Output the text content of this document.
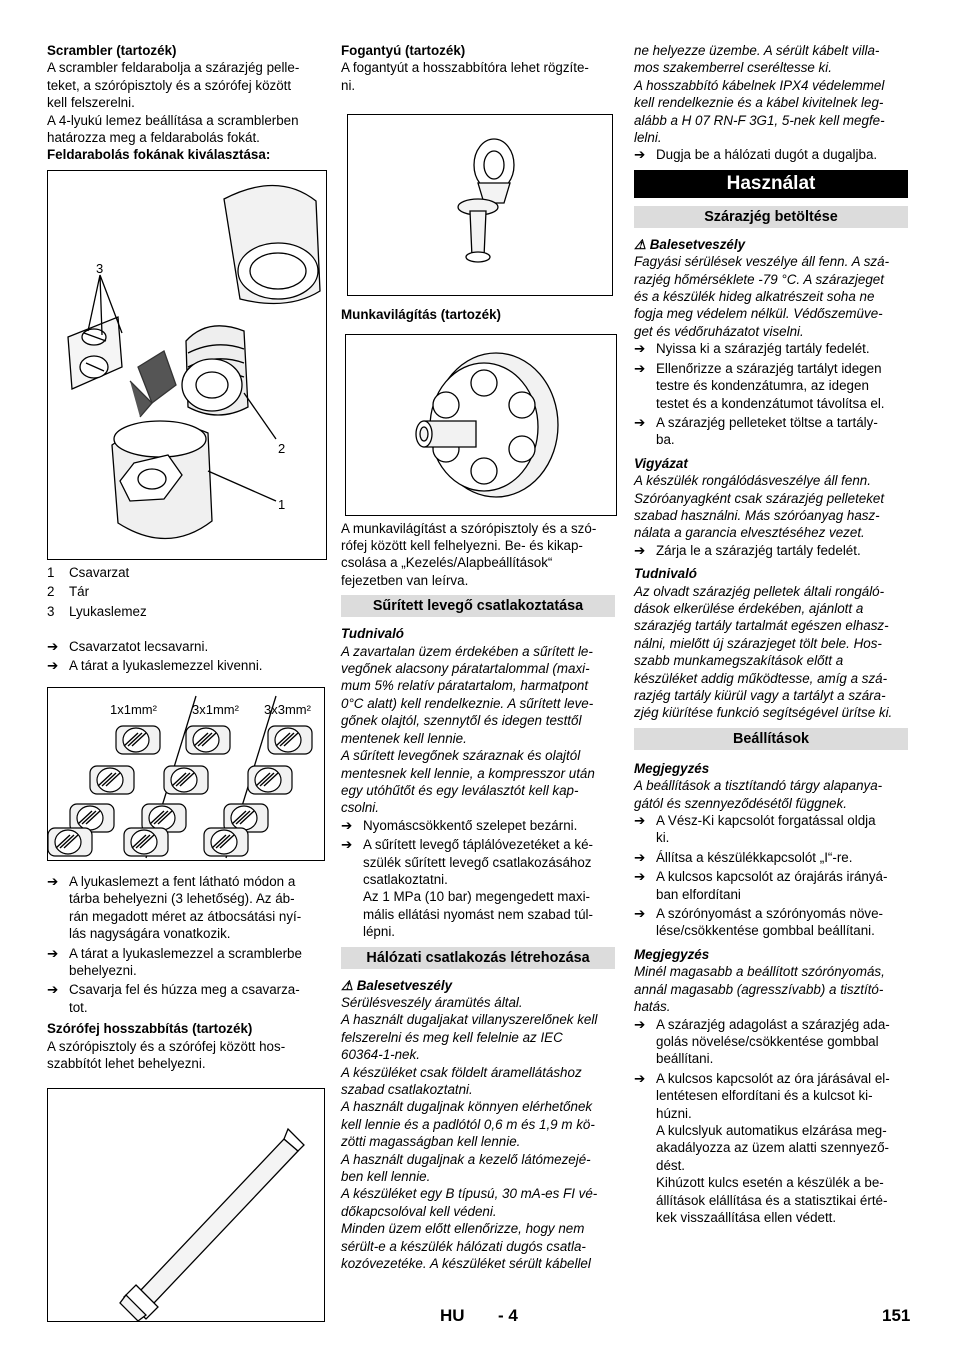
Scrambler (tartozék)

A scrambler feldarabolja a szárazjég pelle-

teket, a szórópisztoly és a szórófej között

kell felszerelni.

A 4-lyukú lemez beállítása a scramblerben

határozza meg a feldarabolás fokát.

Feldarabolás fokának kiválasztása:

3
2
1
1	Csavarzat
2	Tár
3	Lyukaslemez
➔ Csavarzatot lecsavarni.
➔ A tárat a lyukaslemezzel kivenni.
1x1mm²	3x1mm² 3x3mm²
➔ A lyukaslemezt a fent látható módon a

tárba behelyezni (3 lehetőség). Az áb-

rán megadott méret az átbocsátási nyí-

lás nagyságára vonatkozik.

➔ A tárat a lyukaslemezzel a scramblerbe

behelyezni.

➔ Csavarja fel és húzza meg a csavarza-

tot.

Szórófej hosszabbítás (tartozék)

A szórópisztoly és a szórófej között hos-

szabbítót lehet behelyezni.

Fogantyú (tartozék)

A fogantyút a hosszabbítóra lehet rögzíte-

ni.

Munkavilágítás (tartozék)

A munkavilágítást a szórópisztoly és a szó-

rófej között kell felhelyezni. Be- és kikap-

csolása a „Kezelés/Alapbeállítások“

fejezetben van leírva.

Sűrített levegő csatlakoztatása

Tudnivaló

A zavartalan üzem érdekében a sűrített le-

vegőnek alacsony páratartalommal (maxi-

mum 5% relatív páratartalom, harmatpont

0°C alatt) kell rendelkeznie. A sűrített leve-

gőnek olajtól, szennytől és idegen testtől

mentenek kell lennie.

A sűrített levegőnek száraznak és olajtól

mentesnek kell lennie, a kompresszor után

egy utóhűtőt és egy leválasztót kell kap-

csolni.

➔ Nyomáscsökkentő szelepet bezárni.

➔ A sűrített levegő táplálóvezetéket a ké-

szülék sűrített levegő csatlakozásához

csatlakoztatni.

Az 1 MPa (10 bar) megengedett maxi-

mális ellátási nyomást nem szabad túl-

lépni.

Hálózati csatlakozás létrehozása

⚠ Balesetveszély

Sérülésveszély áramütés által.

A használt dugaljakat villanyszerelőnek kell

felszerelni és meg kell felelnie az IEC

60364-1-nek.

A készüléket csak földelt áramellátáshoz

szabad csatlakoztatni.

A használt dugaljnak könnyen elérhetőnek

kell lennie és a padlótól 0,6 m és 1,9 m kö-

zötti magasságban kell lennie.

A használt dugaljnak a kezelő látómezejé-

ben kell lennie.

A készüléket egy B típusú, 30 mA-es FI vé-

dőkapcsolóval kell védeni.

Minden üzem előtt ellenőrizze, hogy nem

sérült-e a készülék hálózati dugós csatla-

kozóvezetéke. A készüléket sérült kábellel

ne helyezze üzembe. A sérült kábelt villa-

mos szakemberrel cseréltesse ki.

A hosszabbító kábelnek IPX4 védelemmel

kell rendelkeznie és a kábel kivitelnek leg-

alább a H 07 RN-F 3G1, 5-nek kell megfe-

lelni.

➔ Dugja be a hálózati dugót a dugaljba.

Használat
Szárazjég betöltése

⚠ Balesetveszély

Fagyási sérülések veszélye áll fenn. A szá-

razjég hőmérséklete -79 °C. A szárazjeget

és a készülék hideg alkatrészeit soha ne

fogja meg védelem nélkül. Védőszemüve-

get és védőruházatot viselni.

➔ Nyissa ki a szárazjég tartály fedelét.

➔ Ellenőrizze a szárazjég tartályt idegen

testre és kondenzátumra, az idegen

testet és a kondenzátumot távolítsa el.

➔ A szárazjég pelleteket töltse a tartály-

ba.

Vigyázat

A készülék rongálódásveszélye áll fenn.

Szóróanyagként csak szárazjég pelleteket

szabad használni. Más szóróanyag hasz-

nálata a garancia elvesztéséhez vezet.

➔ Zárja le a szárazjég tartály fedelét.

Tudnivaló

Az olvadt szárazjég pelletek általi rongáló-

dások elkerülése érdekében, ajánlott a

szárazjég tartály tartalmát egészen elhasz-

nálni, mielőtt új szárazjeget tölt bele. Hos-

szabb munkamegszakítások előtt a

készüléket addig működtesse, amíg a szá-

razjég tartály kiürül vagy a tartályt a szára-

zjég kiürítése funkció segítségével ürítse ki.

Beállítások

Megjegyzés

A beállítások a tisztítandó tárgy alapanya-

gától és szennyeződésétől függnek.

➔ A Vész-Ki kapcsolót forgatással oldja

ki.

➔ Állítsa a készülékkapcsolót „I“-re.

➔ A kulcsos kapcsolót az órajárás irányá-

ban elfordítani

➔ A szórónyomást a szórónyomás növe-

lése/csökkentése gombbal beállítani.

Megjegyzés

Minél magasabb a beállított szórónyomás,

annál magasabb (agresszívabb) a tisztító-

hatás.

➔ A szárazjég adagolást a szárazjég ada-

golás növelése/csökkentése gombbal

beállítani.

➔ A kulcsos kapcsolót az óra járásával el-

lentétesen elfordítani és a kulcsot ki-

húzni.

A kulcslyuk automatikus elzárása meg-

akadályozza az üzem alatti szennyező-

dést.

Kihúzott kulcs esetén a készülék a be-

állítások elállítása és a statisztikai érté-

kek visszaállítása ellen védett.

HU - 4	151
